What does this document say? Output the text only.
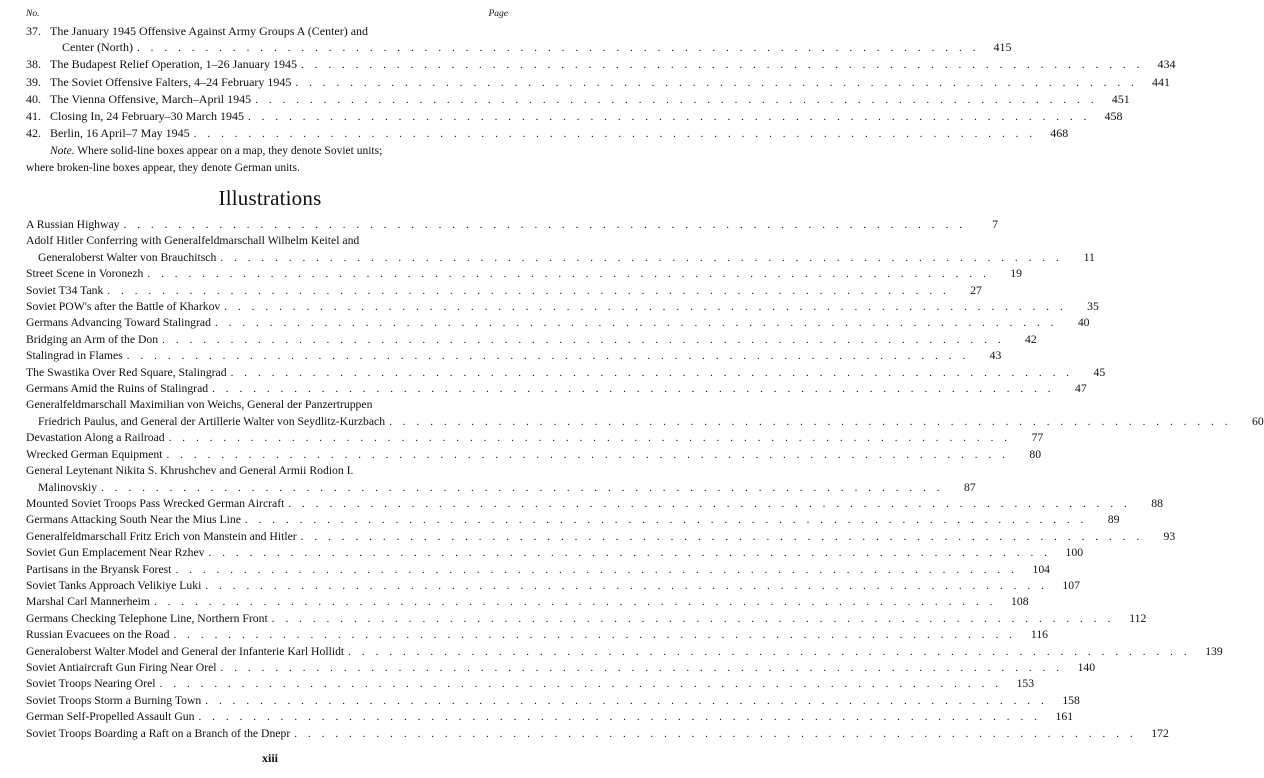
No.	Page
37. The January 1945 Offensive Against Army Groups A (Center) and
Center (North) . . . . . . . . . . . . . . . . . . . . . . . . . . . . . . . . . . . . . . . . . . . . . . . . . . . . . . . . . . . . . .	415
38. The Budapest Relief Operation, 1–26 January 1945 . . . . . . . . . . . . . . . . . . . . . . . . . . . . . . . . . . . . . . . . . . . . . . . . . . . . . . . . . . . . . .	434
39. The Soviet Offensive Falters, 4–24 February 1945 . . . . . . . . . . . . . . . . . . . . . . . . . . . . . . . . . . . . . . . . . . . . . . . . . . . . . . . . . . . . . .	441
40. The Vienna Offensive, March–April 1945 . . . . . . . . . . . . . . . . . . . . . . . . . . . . . . . . . . . . . . . . . . . . . . . . . . . . . . . . . . . . . .	451
41. Closing In, 24 February–30 March 1945 . . . . . . . . . . . . . . . . . . . . . . . . . . . . . . . . . . . . . . . . . . . . . . . . . . . . . . . . . . . . . .	458
42. Berlin, 16 April–7 May 1945 . . . . . . . . . . . . . . . . . . . . . . . . . . . . . . . . . . . . . . . . . . . . . . . . . . . . . . . . . . . . . .	468
Note. Where solid-line boxes appear on a map, they denote Soviet units;
where broken-line boxes appear, they denote German units.
Illustrations
A Russian Highway . . . . . . . . . . . . . . . . . . . . . . . . . . . . . . . . . . . . . . . . . . . . . . . . . . . . . . . . . . . . . .	7
Adolf Hitler Conferring with Generalfeldmarschall Wilhelm Keitel and
Generaloberst Walter von Brauchitsch . . . . . . . . . . . . . . . . . . . . . . . . . . . . . . . . . . . . . . . . . . . . . . . . . . . . . . . . . . . . . .	11
Street Scene in Voronezh . . . . . . . . . . . . . . . . . . . . . . . . . . . . . . . . . . . . . . . . . . . . . . . . . . . . . . . . . . . . . .	19
Soviet T34 Tank . . . . . . . . . . . . . . . . . . . . . . . . . . . . . . . . . . . . . . . . . . . . . . . . . . . . . . . . . . . . . .	27
Soviet POW's after the Battle of Kharkov . . . . . . . . . . . . . . . . . . . . . . . . . . . . . . . . . . . . . . . . . . . . . . . . . . . . . . . . . . . . . .	35
Germans Advancing Toward Stalingrad . . . . . . . . . . . . . . . . . . . . . . . . . . . . . . . . . . . . . . . . . . . . . . . . . . . . . . . . . . . . . .	40
Bridging an Arm of the Don . . . . . . . . . . . . . . . . . . . . . . . . . . . . . . . . . . . . . . . . . . . . . . . . . . . . . . . . . . . . . .	42
Stalingrad in Flames . . . . . . . . . . . . . . . . . . . . . . . . . . . . . . . . . . . . . . . . . . . . . . . . . . . . . . . . . . . . . .	43
The Swastika Over Red Square, Stalingrad . . . . . . . . . . . . . . . . . . . . . . . . . . . . . . . . . . . . . . . . . . . . . . . . . . . . . . . . . . . . . .	45
Germans Amid the Ruins of Stalingrad . . . . . . . . . . . . . . . . . . . . . . . . . . . . . . . . . . . . . . . . . . . . . . . . . . . . . . . . . . . . . .	47
Generalfeldmarschall Maximilian von Weichs, General der Panzertruppen
Friedrich Paulus, and General der Artillerie Walter von Seydlitz-Kurzbach . . . . . . . . . . . . . . . . . . . . . . . . . . . . . . . . . . . . . . . . . . . . . . . . . . . . . . . . . . . . . .	60
Devastation Along a Railroad . . . . . . . . . . . . . . . . . . . . . . . . . . . . . . . . . . . . . . . . . . . . . . . . . . . . . . . . . . . . . .	77
Wrecked German Equipment . . . . . . . . . . . . . . . . . . . . . . . . . . . . . . . . . . . . . . . . . . . . . . . . . . . . . . . . . . . . . .	80
General Leytenant Nikita S. Khrushchev and General Armii Rodion I.
Malinovskiy . . . . . . . . . . . . . . . . . . . . . . . . . . . . . . . . . . . . . . . . . . . . . . . . . . . . . . . . . . . . . .	87
Mounted Soviet Troops Pass Wrecked German Aircraft . . . . . . . . . . . . . . . . . . . . . . . . . . . . . . . . . . . . . . . . . . . . . . . . . . . . . . . . . . . . . .	88
Germans Attacking South Near the Mius Line . . . . . . . . . . . . . . . . . . . . . . . . . . . . . . . . . . . . . . . . . . . . . . . . . . . . . . . . . . . . . .	89
Generalfeldmarschall Fritz Erich von Manstein and Hitler . . . . . . . . . . . . . . . . . . . . . . . . . . . . . . . . . . . . . . . . . . . . . . . . . . . . . . . . . . . . . .	93
Soviet Gun Emplacement Near Rzhev . . . . . . . . . . . . . . . . . . . . . . . . . . . . . . . . . . . . . . . . . . . . . . . . . . . . . . . . . . . . . .	100
Partisans in the Bryansk Forest . . . . . . . . . . . . . . . . . . . . . . . . . . . . . . . . . . . . . . . . . . . . . . . . . . . . . . . . . . . . . .	104
Soviet Tanks Approach Velikiye Luki . . . . . . . . . . . . . . . . . . . . . . . . . . . . . . . . . . . . . . . . . . . . . . . . . . . . . . . . . . . . . .	107
Marshal Carl Mannerheim . . . . . . . . . . . . . . . . . . . . . . . . . . . . . . . . . . . . . . . . . . . . . . . . . . . . . . . . . . . . . .	108
Germans Checking Telephone Line, Northern Front . . . . . . . . . . . . . . . . . . . . . . . . . . . . . . . . . . . . . . . . . . . . . . . . . . . . . . . . . . . . . .	112
Russian Evacuees on the Road . . . . . . . . . . . . . . . . . . . . . . . . . . . . . . . . . . . . . . . . . . . . . . . . . . . . . . . . . . . . . .	116
Generaloberst Walter Model and General der Infanterie Karl Hollidt . . . . . . . . . . . . . . . . . . . . . . . . . . . . . . . . . . . . . . . . . . . . . . . . . . . . . . . . . . . . . .	139
Soviet Antiaircraft Gun Firing Near Orel . . . . . . . . . . . . . . . . . . . . . . . . . . . . . . . . . . . . . . . . . . . . . . . . . . . . . . . . . . . . . .	140
Soviet Troops Nearing Orel . . . . . . . . . . . . . . . . . . . . . . . . . . . . . . . . . . . . . . . . . . . . . . . . . . . . . . . . . . . . . .	153
Soviet Troops Storm a Burning Town . . . . . . . . . . . . . . . . . . . . . . . . . . . . . . . . . . . . . . . . . . . . . . . . . . . . . . . . . . . . . .	158
German Self-Propelled Assault Gun . . . . . . . . . . . . . . . . . . . . . . . . . . . . . . . . . . . . . . . . . . . . . . . . . . . . . . . . . . . . . .	161
Soviet Troops Boarding a Raft on a Branch of the Dnepr . . . . . . . . . . . . . . . . . . . . . . . . . . . . . . . . . . . . . . . . . . . . . . . . . . . . . . . . . . . . . .	172
xiii
